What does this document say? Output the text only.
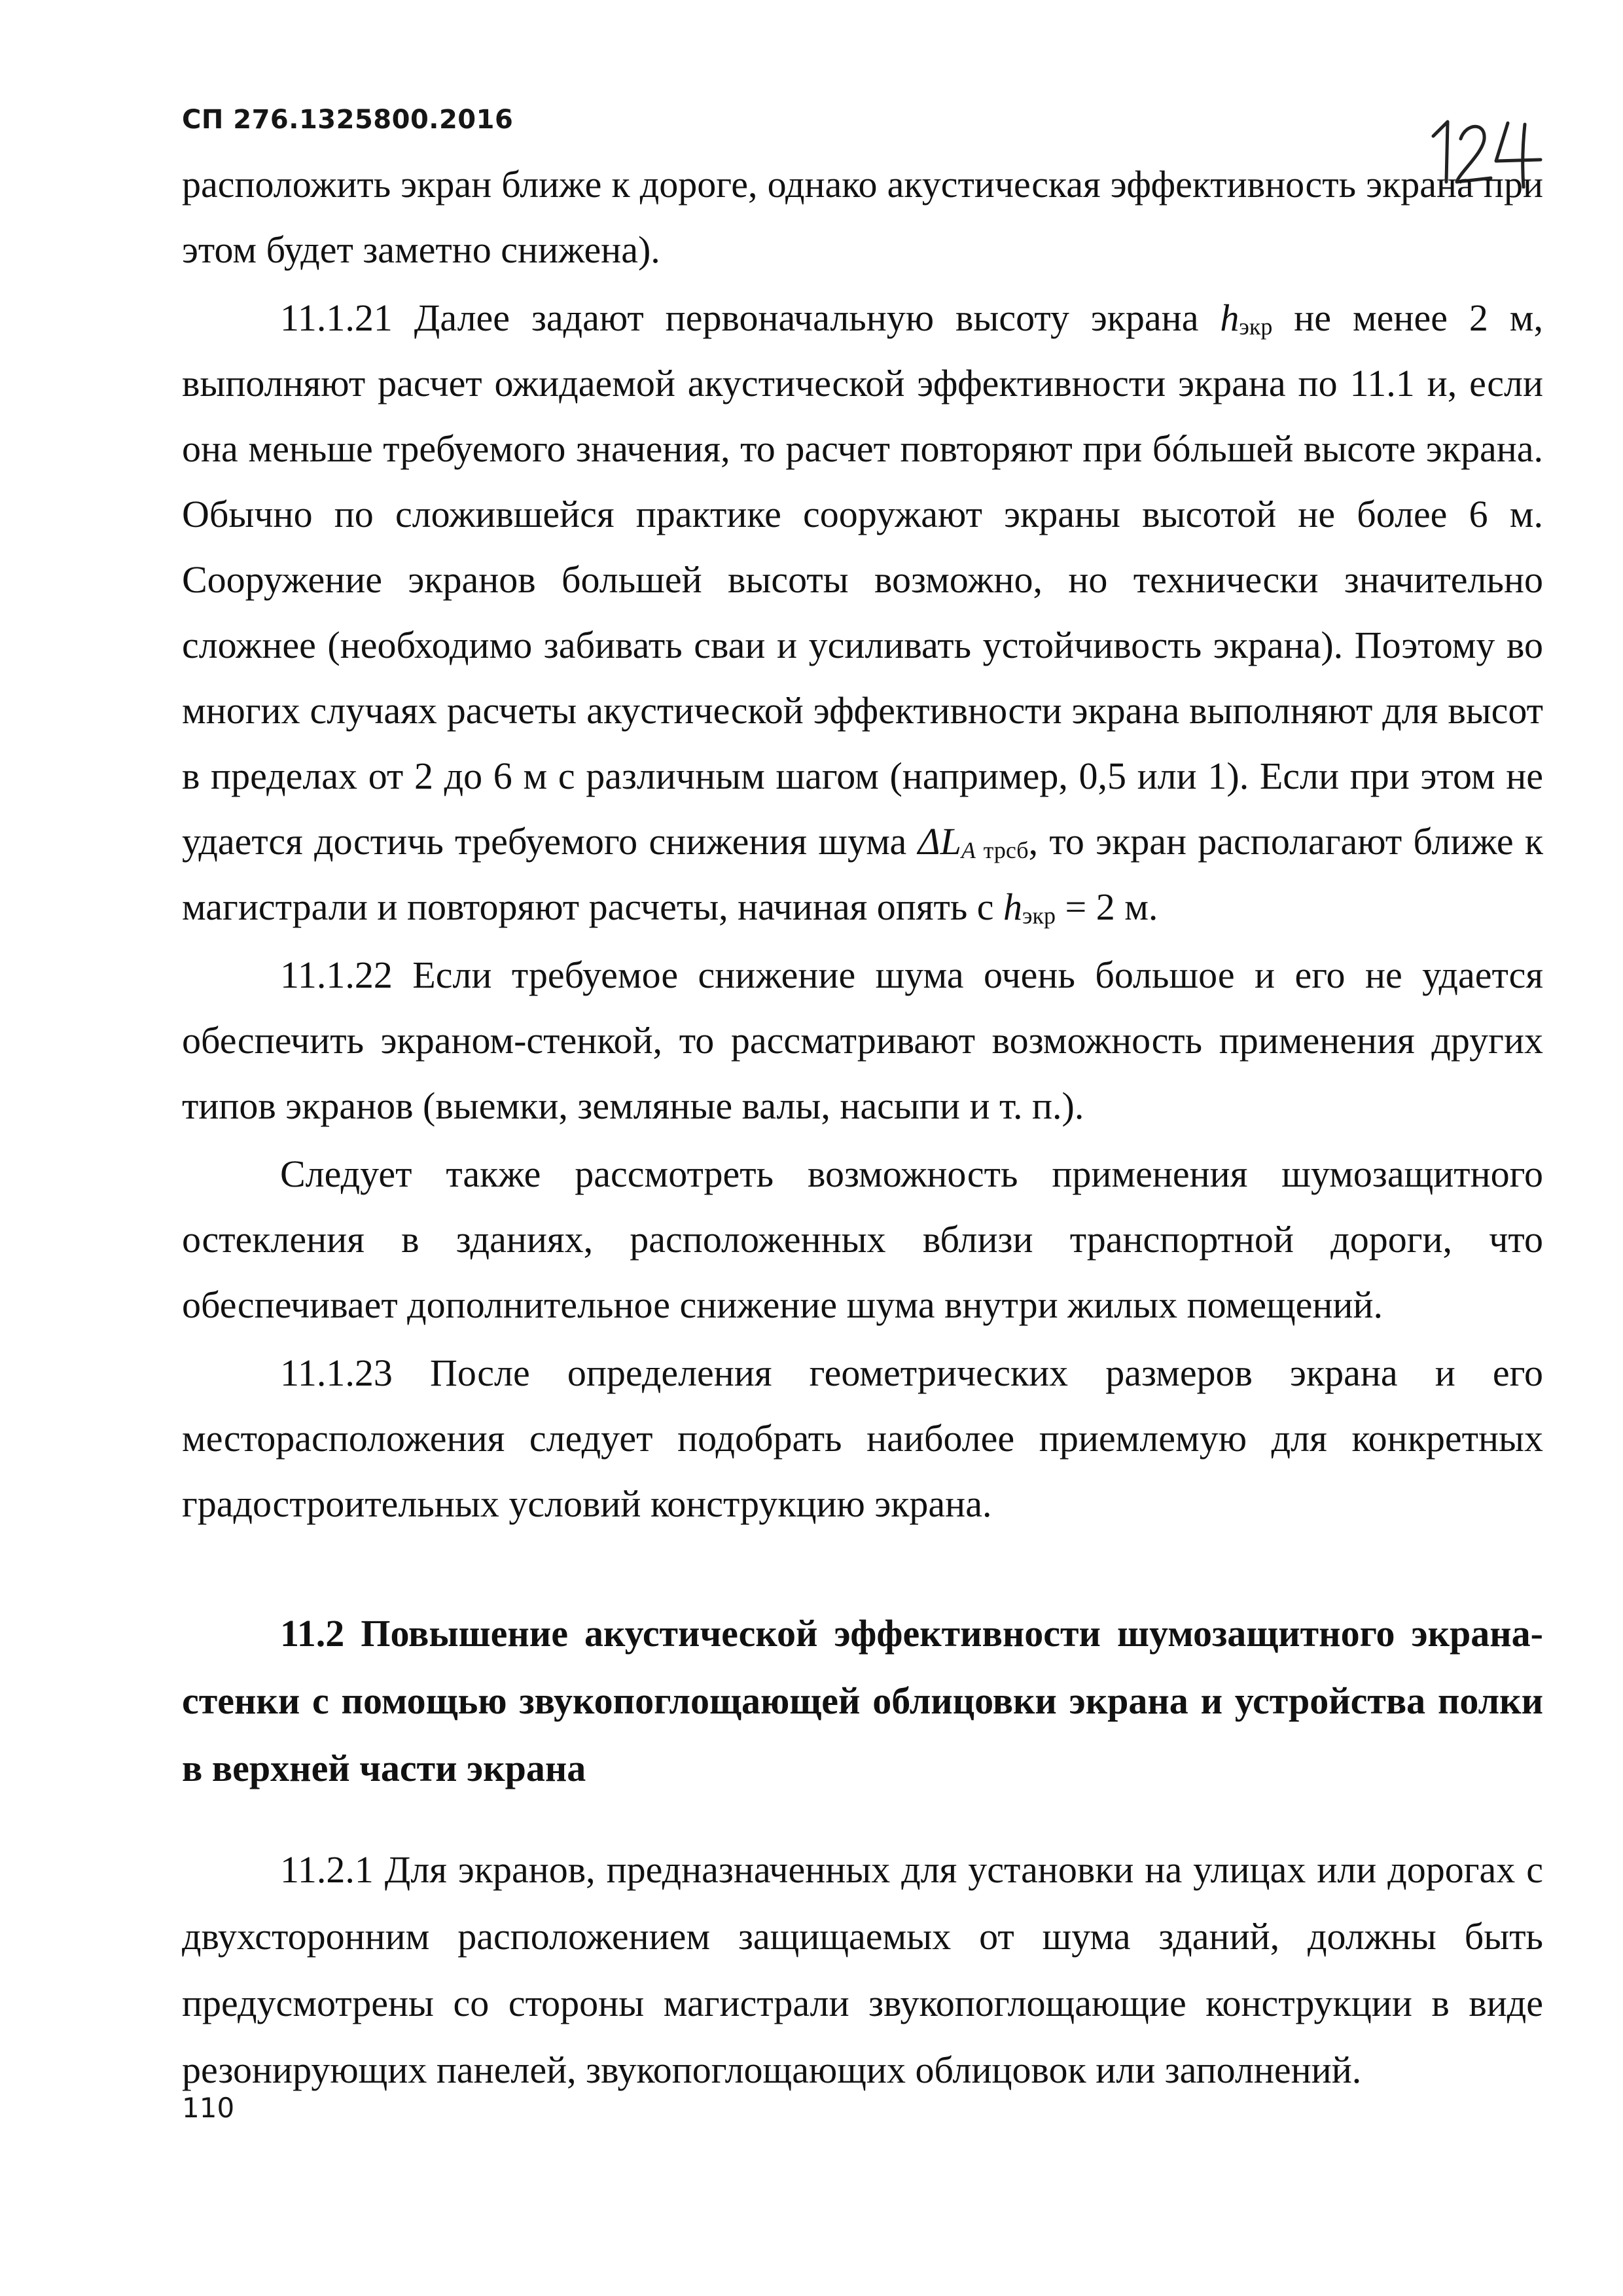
СП 276.1325800.2016

расположить экран ближе к дороге, однако акустическая эффективность экрана при этом будет заметно снижена).

11.1.21 Далее задают первоначальную высоту экрана $h_{экр}$ не менее 2 м, выполняют расчет ожидаемой акустической эффективности экрана по 11.1 и, если она меньше требуемого значения, то расчет повторяют при бóльшей высоте экрана. Обычно по сложившейся практике сооружают экраны высотой не более 6 м. Сооружение экранов большей высоты возможно, но технически значительно сложнее (необходимо забивать сваи и усиливать устойчивость экрана). Поэтому во многих случаях расчеты акустической эффективности экрана выполняют для высот в пределах от 2 до 6 м с различным шагом (например, 0,5 или 1). Если при этом не удается достичь требуемого снижения шума $\Delta L_{A трсб}$, то экран располагают ближе к магистрали и повторяют расчеты, начиная опять с $h_{экр} = 2$ м.

11.1.22 Если требуемое снижение шума очень большое и его не удается обеспечить экраном-стенкой, то рассматривают возможность применения других типов экранов (выемки, земляные валы, насыпи и т. п.).

Следует также рассмотреть возможность применения шумозащитного остекления в зданиях, расположенных вблизи транспортной дороги, что обеспечивает дополнительное снижение шума внутри жилых помещений.

11.1.23 После определения геометрических размеров экрана и его месторасположения следует подобрать наиболее приемлемую для конкретных градостроительных условий конструкцию экрана.

11.2 Повышение акустической эффективности шумозащитного экрана-стенки с помощью звукопоглощающей облицовки экрана и устройства полки в верхней части экрана

11.2.1 Для экранов, предназначенных для установки на улицах или дорогах с двухсторонним расположением защищаемых от шума зданий, должны быть предусмотрены со стороны магистрали звукопоглощающие конструкции в виде резонирующих панелей, звукопоглощающих облицовок или заполнений.

110
